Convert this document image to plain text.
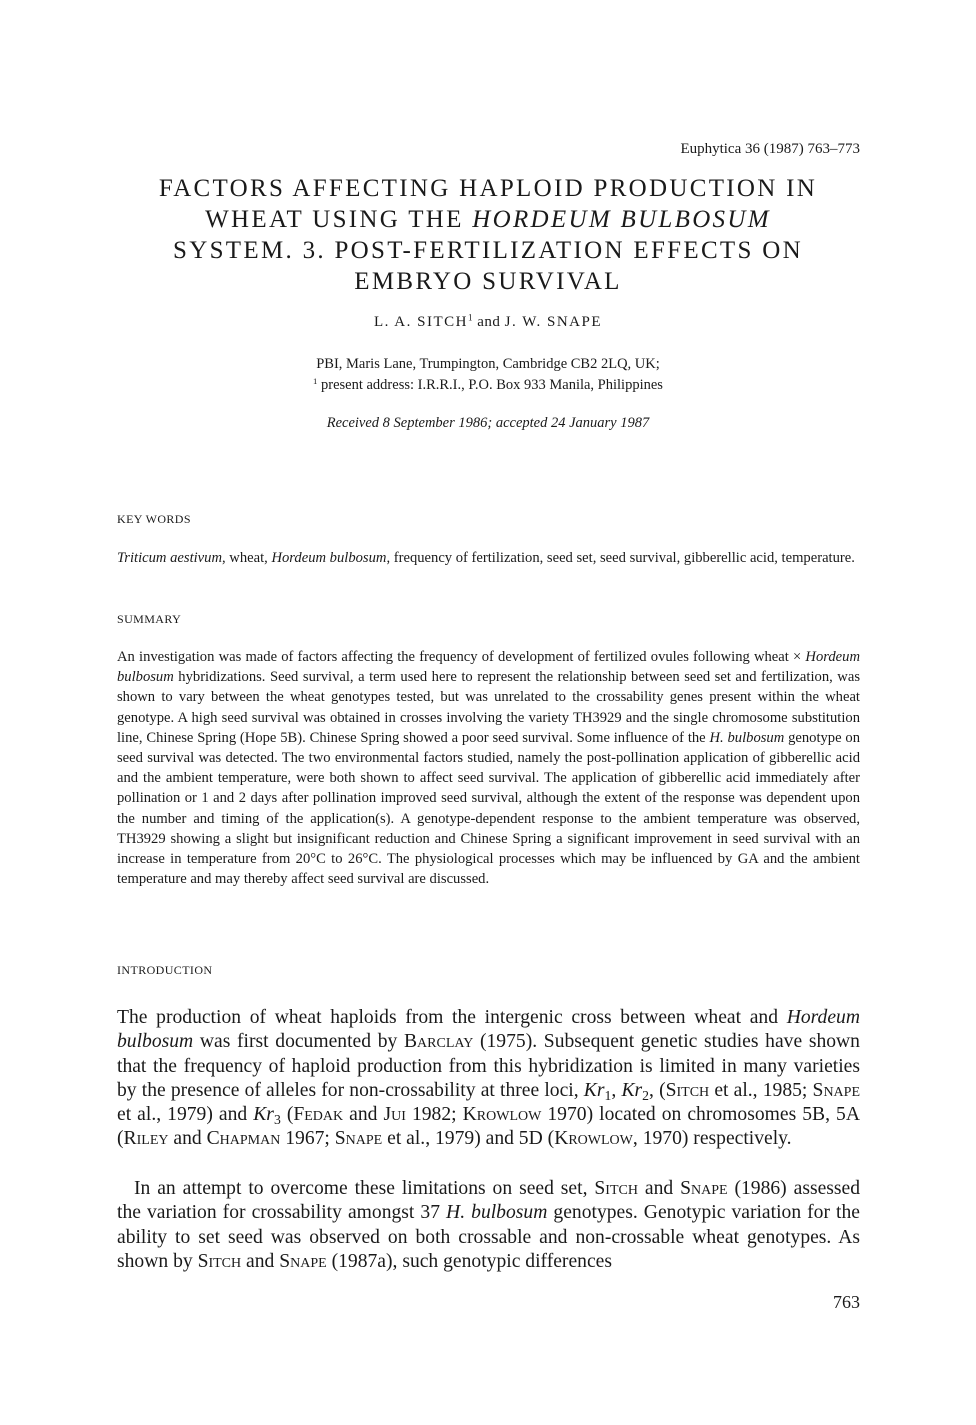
Euphytica 36 (1987) 763–773
FACTORS AFFECTING HAPLOID PRODUCTION IN
WHEAT USING THE HORDEUM BULBOSUM
SYSTEM. 3. POST-FERTILIZATION EFFECTS ON
EMBRYO SURVIVAL
L. A. SITCH$^1$ and J. W. SNAPE
PBI, Maris Lane, Trumpington, Cambridge CB2 2LQ, UK;
$^1$ present address: I.R.R.I., P.O. Box 933 Manila, Philippines
Received 8 September 1986; accepted 24 January 1987
KEY WORDS

Triticum aestivum, wheat, Hordeum bulbosum, frequency of fertilization, seed set, seed survival, gibberellic acid, temperature.

SUMMARY

An investigation was made of factors affecting the frequency of development of fertilized ovules following wheat × Hordeum bulbosum hybridizations. Seed survival, a term used here to represent the relationship between seed set and fertilization, was shown to vary between the wheat genotypes tested, but was unrelated to the crossability genes present within the wheat genotype. A high seed survival was obtained in crosses involving the variety TH3929 and the single chromosome substitution line, Chinese Spring (Hope 5B). Chinese Spring showed a poor seed survival. Some influence of the H. bulbosum genotype on seed survival was detected. The two environmental factors studied, namely the post-pollination application of gibberellic acid and the ambient temperature, were both shown to affect seed survival. The application of gibberellic acid immediately after pollination or 1 and 2 days after pollination improved seed survival, although the extent of the response was dependent upon the number and timing of the application(s). A genotype-dependent response to the ambient temperature was observed, TH3929 showing a slight but insignificant reduction and Chinese Spring a significant improvement in seed survival with an increase in temperature from 20°C to 26°C. The physiological processes which may be influenced by GA and the ambient temperature and may thereby affect seed survival are discussed.

INTRODUCTION

The production of wheat haploids from the intergenic cross between wheat and Hordeum bulbosum was first documented by Barclay (1975). Subsequent genetic studies have shown that the frequency of haploid production from this hybridization is limited in many varieties by the presence of alleles for non-crossability at three loci, $Kr_1$, $Kr_2$, (Sitch et al., 1985; Snape et al., 1979) and $Kr_3$ (Fedak and Jui 1982; Krowlow 1970) located on chromosomes 5B, 5A (Riley and Chapman 1967; Snape et al., 1979) and 5D (Krowlow, 1970) respectively.

In an attempt to overcome these limitations on seed set, Sitch and Snape (1986) assessed the variation for crossability amongst 37 H. bulbosum genotypes. Genotypic variation for the ability to set seed was observed on both crossable and non-crossable wheat genotypes. As shown by Sitch and Snape (1987a), such genotypic differences

763
